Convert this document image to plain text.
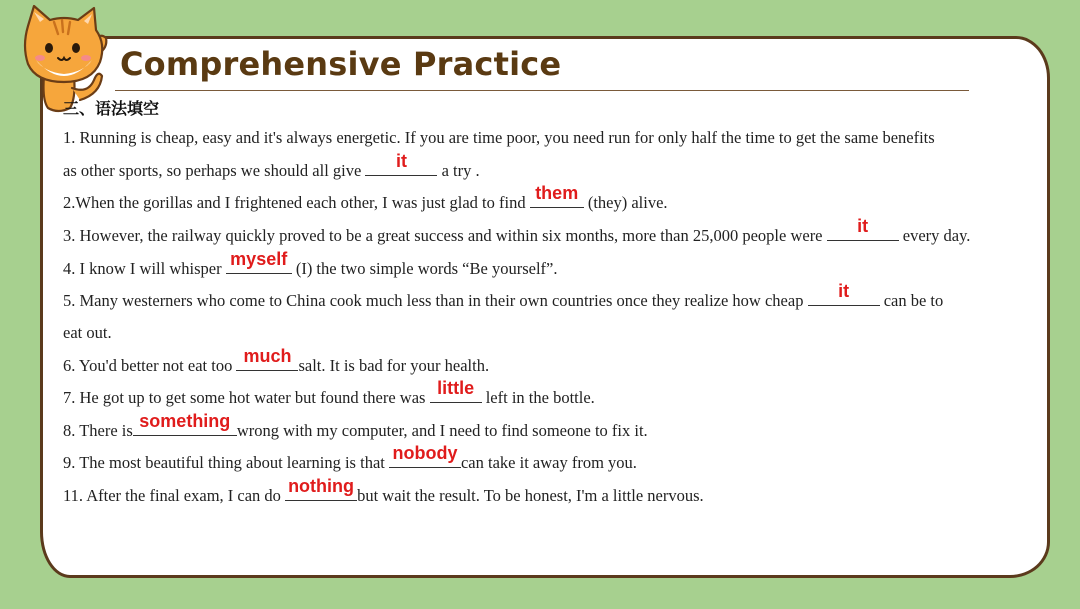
Comprehensive Practice
三、语法填空
1. Running is cheap, easy and it's always energetic. If you are time poor, you need run for only half the time to get the same benefits
as other sports, so perhaps we should all give	it	a try .
2.When the gorillas and I frightened each other, I was just glad to find them (they) alive.
3. However, the railway quickly proved to be a great success and within six months, more than 25,000 people were	it	every day.
4. I know I will whisper myself (I) the two simple words “Be yourself”.
5. Many westerners who come to China cook much less than in their own countries once they realize how cheap	it	can be to
eat out.
6. You'd better not eat too much salt. It is bad for your health.
7. He got up to get some hot water but found there was little left in the bottle.
8. There is something wrong with my computer, and I need to find someone to fix it.
9. The most beautiful thing about learning is that nobody can take it away from you.
11. After the final exam, I can do nothing but wait the result. To be honest, I'm a little nervous.
